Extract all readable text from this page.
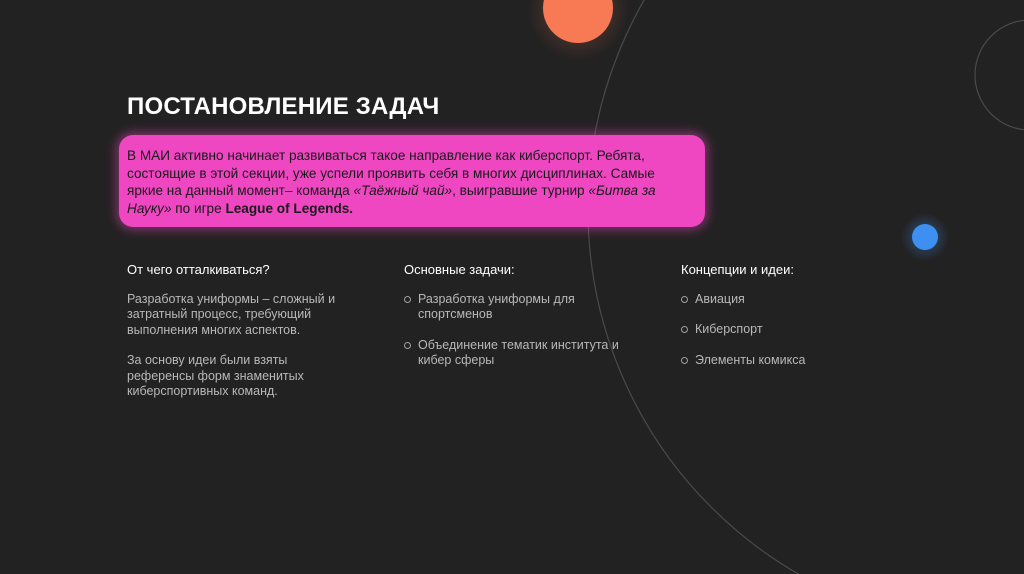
ПОСТАНОВЛЕНИЕ ЗАДАЧ
В МАИ активно начинает развиваться такое направление как киберспорт. Ребята, состоящие в этой секции, уже успели проявить себя в многих дисциплинах. Самые яркие на данный момент– команда «Таёжный чай», выигравшие турнир «Битва за Науку» по игре League of Legends.
От чего отталкиваться?

Разработка униформы – сложный и затратный процесс, требующий выполнения многих аспектов.

За основу идеи были взяты референсы форм знаменитых киберспортивных команд.

Основные задачи:
Разработка униформы для спортсменов
Объединение тематик института и кибер сферы
Концепции и идеи:
Авиация
Киберспорт
Элементы комикса
